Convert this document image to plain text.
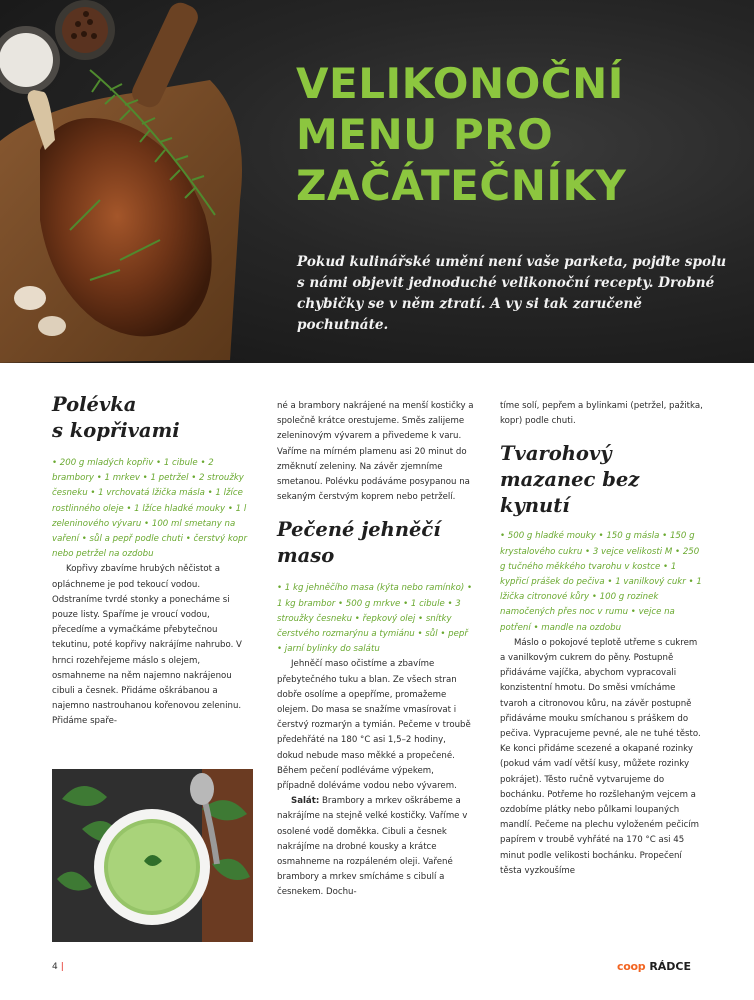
VELIKONOČNÍ
MENU PRO
ZAČÁTEČNÍKY

Pokud kulinářské umění není vaše parketa, pojďte spolu s námi objevit jednoduché velikonoční recepty. Drobné chybičky se v něm ztratí. A vy si tak zaručeně pochutnáte.

Polévka
s kopřivami

• 200 g mladých kopřiv • 1 cibule • 2 brambory • 1 mrkev • 1 petržel • 2 stroužky česneku • 1 vrchovatá lžička másla • 1 lžíce rostlinného oleje • 1 lžíce hladké mouky • 1 l zeleninového vývaru • 100 ml smetany na vaření • sůl a pepř podle chuti • čerstvý kopr nebo petržel na ozdobu

Kopřivy zbavíme hrubých něčistot a opláchneme je pod tekoucí vodou. Odstraníme tvrdé stonky a ponecháme si pouze listy. Spaříme je vroucí vodou, přecedíme a vymačkáme přebytečnou tekutinu, poté kopřivy nakrájíme nahrubo. V hrnci rozehřejeme máslo s olejem, osmahneme na něm najemno nakrájenou cibuli a česnek. Přidáme oškrábanou a najemno nastrouhanou kořenovou zeleninu. Přidáme spaře-

né a brambory nakrájené na menší kostičky a společně krátce orestujeme. Směs zalijeme zeleninovým vývarem a přivedeme k varu. Vaříme na mírném plamenu asi 20 minut do změknutí zeleniny. Na závěr zjemníme smetanou. Polévku podáváme posypanou na sekaným čerstvým koprem nebo petrželí.

Pečené jehněčí
maso

• 1 kg jehněčího masa (kýta nebo ramínko) • 1 kg brambor • 500 g mrkve • 1 cibule • 3 stroužky česneku • řepkový olej • snítky čerstvého rozmarýnu a tymiánu • sůl • pepř • jarní bylinky do salátu

Jehněčí maso očistíme a zbavíme přebytečného tuku a blan. Ze všech stran dobře osolíme a opepříme, promažeme olejem. Do masa se snažíme vmasírovat i čerstvý rozmarýn a tymián. Pečeme v troubě předehřáté na 180 °C asi 1,5–2 hodiny, dokud nebude maso měkké a propečené. Během pečení podléváme výpekem, případně doléváme vodou nebo vývarem.

Salát: Brambory a mrkev oškrábeme a nakrájíme na stejně velké kostičky. Vaříme v osolené vodě doměkka. Cibuli a česnek nakrájíme na drobné kousky a krátce osmahneme na rozpáleném oleji. Vařené brambory a mrkev smícháme s cibulí a česnekem. Dochu-

tíme solí, pepřem a bylinkami (petržel, pažitka, kopr) podle chuti.

Tvarohový
mazanec bez
kynutí

• 500 g hladké mouky • 150 g másla • 150 g krystalového cukru • 3 vejce velikosti M • 250 g tučného měkkého tvarohu v kostce • 1 kypřicí prášek do pečiva • 1 vanilkový cukr • 1 lžička citronové kůry • 100 g rozinek namočených přes noc v rumu • vejce na potření • mandle na ozdobu

Máslo o pokojové teplotě utřeme s cukrem a vanilkovým cukrem do pěny. Postupně přidáváme vajíčka, abychom vypracovali konzistentní hmotu. Do směsi vmícháme tvaroh a citronovou kůru, na závěr postupně přidáváme mouku smíchanou s práškem do pečiva. Vypracujeme pevné, ale ne tuhé těsto. Ke konci přidáme scezené a okapané rozinky (pokud vám vadí větší kusy, můžete rozinky pokrájet). Těsto ručně vytvarujeme do bochánku. Potřeme ho rozšlehaným vejcem a ozdobíme plátky nebo půlkami loupaných mandlí. Pečeme na plechu vyloženém pečicím papírem v troubě vyhřáté na 170 °C asi 45 minut podle velikosti bochánku. Propečení těsta vyzkoušíme

4 |	coop RÁDCE
